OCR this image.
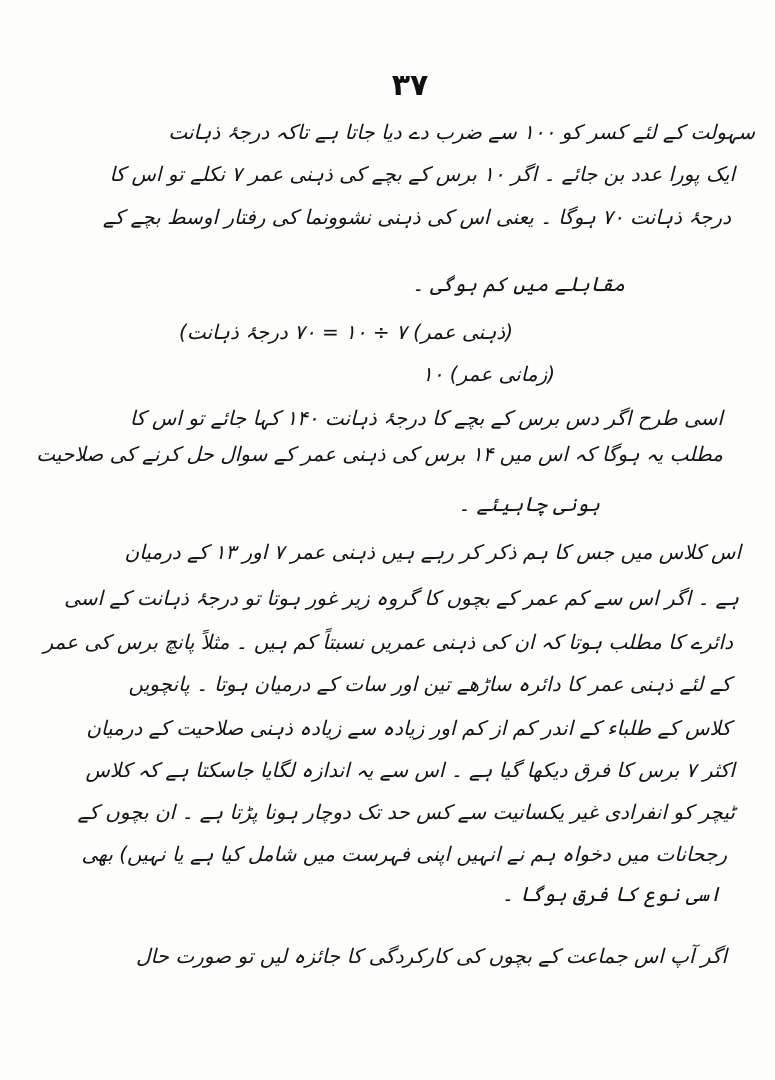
۳۷
سہولت کے لئے کسر کو ۱۰۰ سے ضرب دے دیا جاتا ہے تاکہ درجۂ ذہانت
ایک پورا عدد بن جائے ۔ اگر ۱۰ برس کے بچے کی ذہنی عمر ۷ نکلے تو اس کا
درجۂ ذہانت ۷۰ ہوگا ۔ یعنی اس کی ذہنی نشوونما کی رفتار اوسط بچے کے
مقابلے میں کم ہوگی ۔
(ذہنی عمر) ۷ ÷ ۱۰ = ۷۰ درجۂ ذہانت)
(زمانی عمر) ۱۰
اسی طرح اگر دس برس کے بچے کا درجۂ ذہانت ۱۴۰ کہا جائے تو اس کا
مطلب یہ ہوگا کہ اس میں ۱۴ برس کی ذہنی عمر کے سوال حل کرنے کی صلاحیت
ہونی چاہیئے ۔
اس کلاس میں جس کا ہم ذکر کر رہے ہیں ذہنی عمر ۷ اور ۱۳ کے درمیان
ہے ۔ اگر اس سے کم عمر کے بچوں کا گروہ زیر غور ہوتا تو درجۂ ذہانت کے اسی
دائرے کا مطلب ہوتا کہ ان کی ذہنی عمریں نسبتاً کم ہیں ۔ مثلاً پانچ برس کی عمر
کے لئے ذہنی عمر کا دائرہ ساڑھے تین اور سات کے درمیان ہوتا ۔ پانچویں
کلاس کے طلباء کے اندر کم از کم اور زیادہ سے زیادہ ذہنی صلاحیت کے درمیان
اکثر ۷ برس کا فرق دیکھا گیا ہے ۔ اس سے یہ اندازہ لگایا جاسکتا ہے کہ کلاس
ٹیچر کو انفرادی غیر یکسانیت سے کس حد تک دوچار ہونا پڑتا ہے ۔ ان بچوں کے
رجحانات میں دخواہ ہم نے انہیں اپنی فہرست میں شامل کیا ہے یا نہیں) بھی
اسی نوع کا فرق ہوگا ۔
اگر آپ اس جماعت کے بچوں کی کارکردگی کا جائزہ لیں تو صورت حال
